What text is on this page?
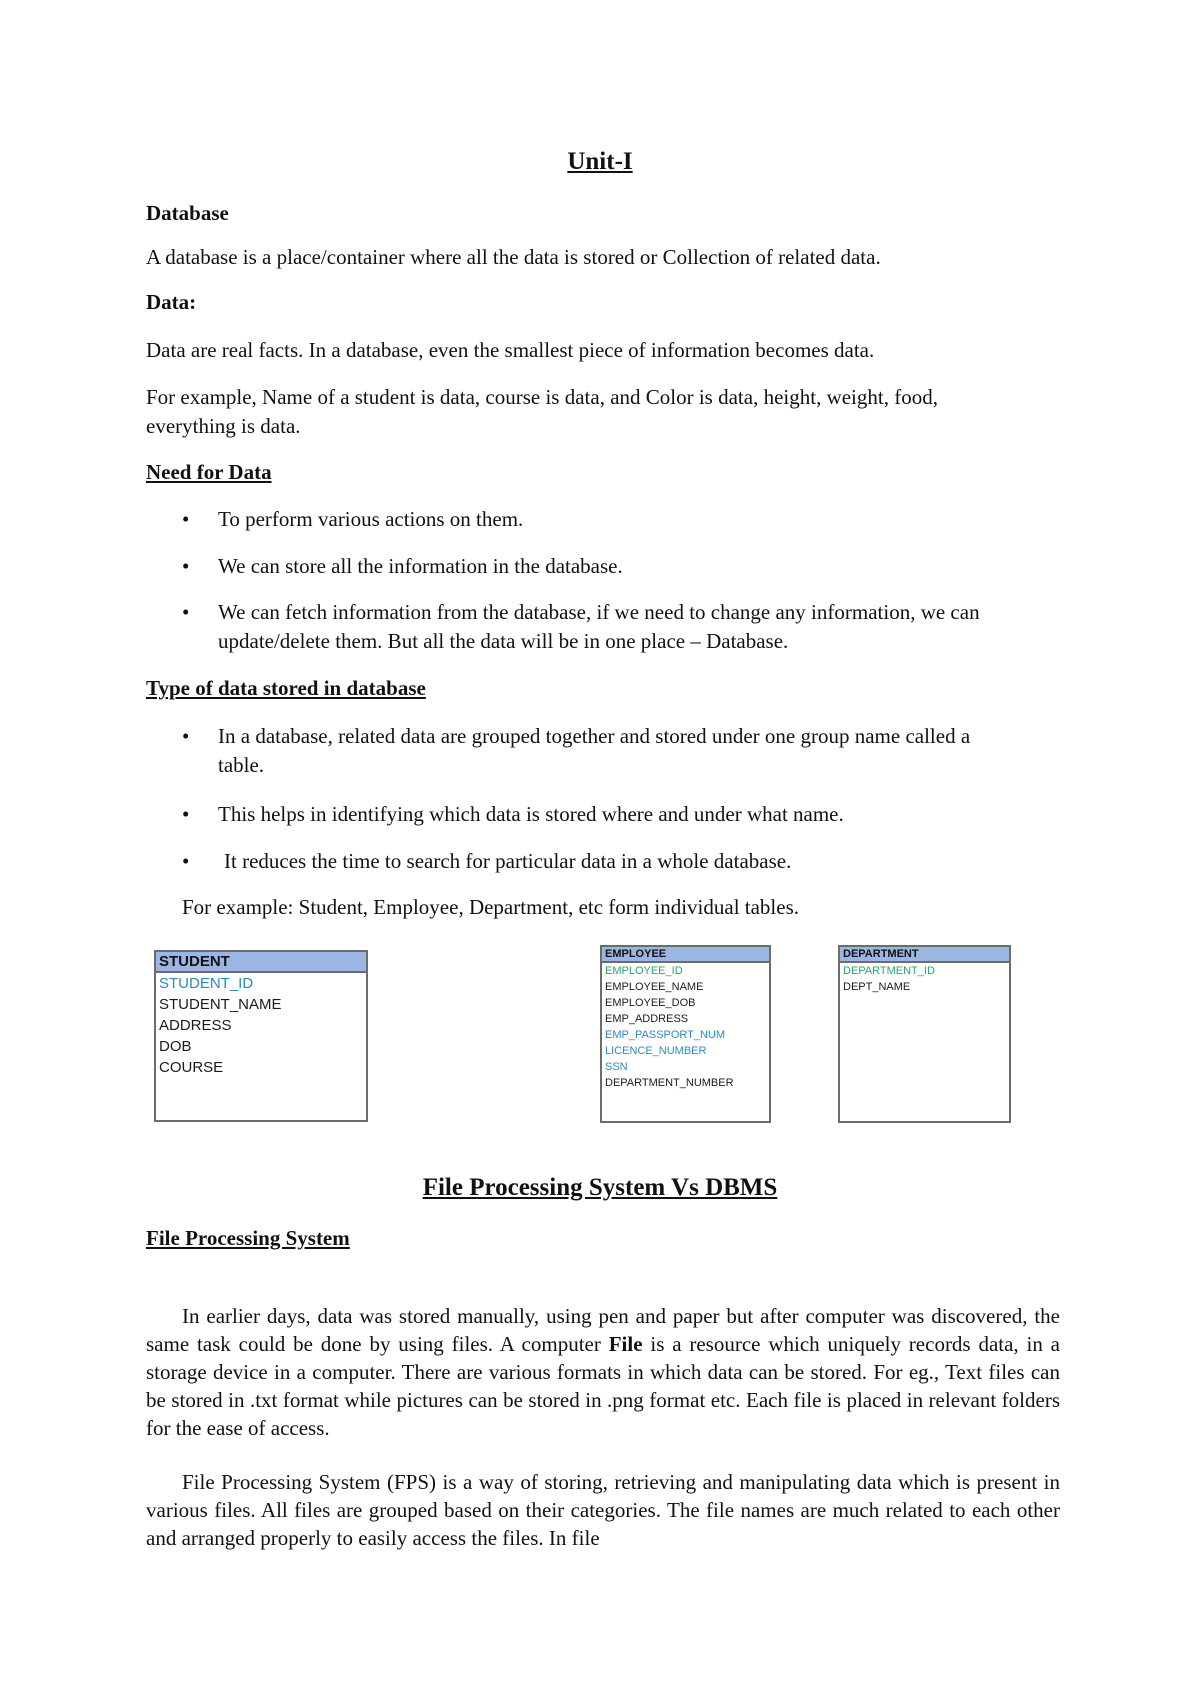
Unit-I
Database

A database is a place/container where all the data is stored or Collection of related data.

Data:

Data are real facts. In a database, even the smallest piece of information becomes data.

For example, Name of a student is data, course is data, and Color is data, height, weight, food, everything is data.

Need for Data
•	To perform various actions on them.
•	We can store all the information in the database.
•	We can fetch information from the database, if we need to change any information, we can update/delete them. But all the data will be in one place – Database.
Type of data stored in database
•	In a database, related data are grouped together and stored under one group name called a table.
•	This helps in identifying which data is stored where and under what name.
•	It reduces the time to search for particular data in a whole database.

For example: Student, Employee, Department, etc form individual tables.

STUDENT
STUDENT_ID
STUDENT_NAME
ADDRESS
DOB
COURSE
EMPLOYEE
EMPLOYEE_ID
EMPLOYEE_NAME
EMPLOYEE_DOB
EMP_ADDRESS
EMP_PASSPORT_NUM
LICENCE_NUMBER
SSN
DEPARTMENT_NUMBER
DEPARTMENT
DEPARTMENT_ID
DEPT_NAME
File Processing System Vs DBMS
File Processing System

In earlier days, data was stored manually, using pen and paper but after computer was discovered, the same task could be done by using files. A computer File is a resource which uniquely records data, in a storage device in a computer. There are various formats in which data can be stored. For eg., Text files can be stored in .txt format while pictures can be stored in .png format etc. Each file is placed in relevant folders for the ease of access.

File Processing System (FPS) is a way of storing, retrieving and manipulating data which is present in various files. All files are grouped based on their categories. The file names are much related to each other and arranged properly to easily access the files. In file
